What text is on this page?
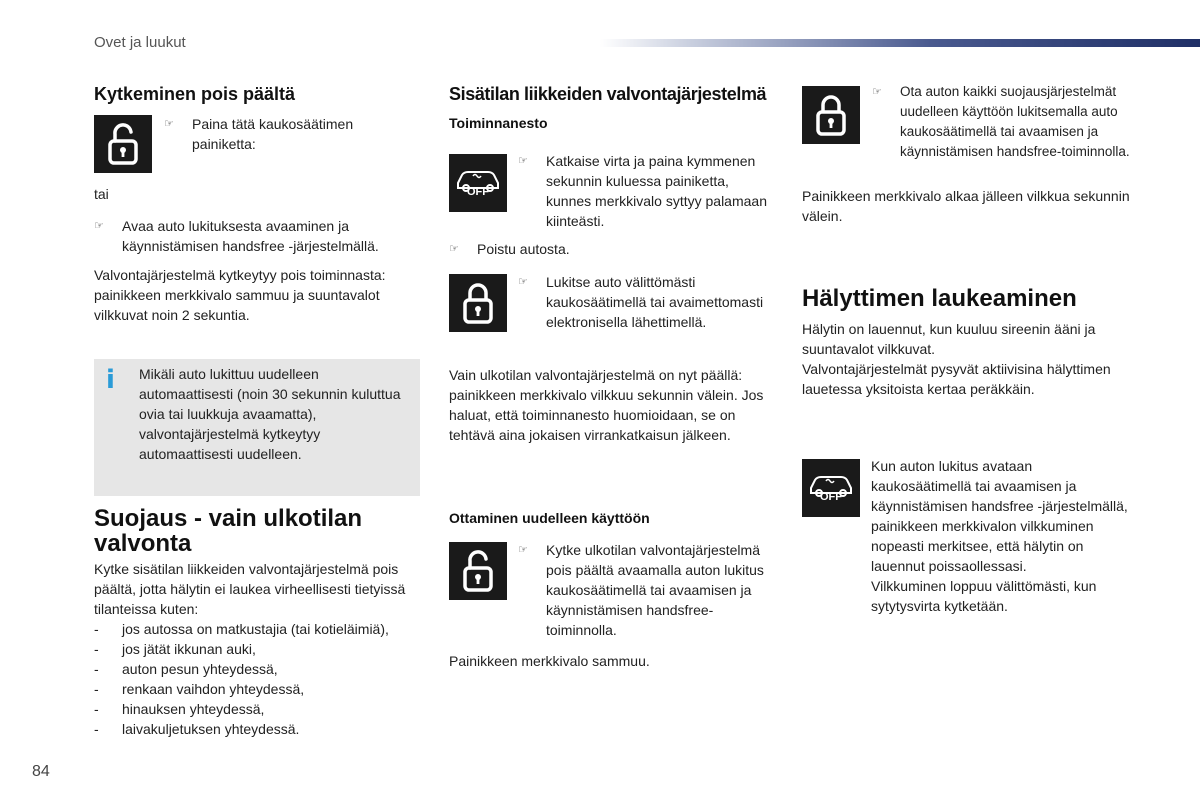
Ovet ja luukut
Kytkeminen pois päältä
☞	Paina tätä kaukosäätimen painiketta:
tai
☞	Avaa auto lukituksesta avaaminen ja käynnistämisen handsfree -järjestelmällä.

Valvontajärjestelmä kytkeytyy pois toiminnasta: painikkeen merkkivalo sammuu ja suuntavalot vilkkuvat noin 2 sekuntia.

i Mikäli auto lukittuu uudelleen automaattisesti (noin 30 sekunnin kuluttua ovia tai luukkuja avaamatta), valvontajärjestelmä kytkeytyy automaattisesti uudelleen.

Suojaus - vain ulkotilan valvonta

Kytke sisätilan liikkeiden valvontajärjestelmä pois päältä, jotta hälytin ei laukea virheellisesti tietyissä tilanteissa kuten:

- jos autossa on matkustajia (tai kotieläimiä),
- jos jätät ikkunan auki,
- auton pesun yhteydessä,
- renkaan vaihdon yhteydessä,
- hinauksen yhteydessä,
- laivakuljetuksen yhteydessä.
Sisätilan liikkeiden valvontajärjestelmä
Toiminnanesto
OFF
☞	Katkaise virta ja paina kymmenen sekunnin kuluessa painiketta, kunnes merkkivalo syttyy palamaan kiinteästi.
☞	Poistu autosta.
☞	Lukitse auto välittömästi kaukosäätimellä tai avaimettomasti elektronisella lähettimellä.

Vain ulkotilan valvontajärjestelmä on nyt päällä: painikkeen merkkivalo vilkkuu sekunnin välein. Jos haluat, että toiminnanesto huomioidaan, se on tehtävä aina jokaisen virrankatkaisun jälkeen.

Ottaminen uudelleen käyttöön
☞	Kytke ulkotilan valvontajärjestelmä pois päältä avaamalla auton lukitus kaukosäätimellä tai avaamisen ja käynnistämisen handsfree-toiminnolla.

Painikkeen merkkivalo sammuu.

☞	Ota auton kaikki suojausjärjestelmät uudelleen käyttöön lukitsemalla auto kaukosäätimellä tai avaamisen ja käynnistämisen handsfree-toiminnolla.

Painikkeen merkkivalo alkaa jälleen vilkkua sekunnin välein.

Hälyttimen laukeaminen

Hälytin on lauennut, kun kuuluu sireenin ääni ja suuntavalot vilkkuvat.
Valvontajärjestelmät pysyvät aktiivisina hälyttimen lauetessa yksitoista kertaa peräkkäin.

OFF

Kun auton lukitus avataan kaukosäätimellä tai avaamisen ja käynnistämisen handsfree -järjestelmällä, painikkeen merkkivalon vilkkuminen nopeasti merkitsee, että hälytin on lauennut poissaollessasi.
Vilkkuminen loppuu välittömästi, kun sytytysvirta kytketään.

84
